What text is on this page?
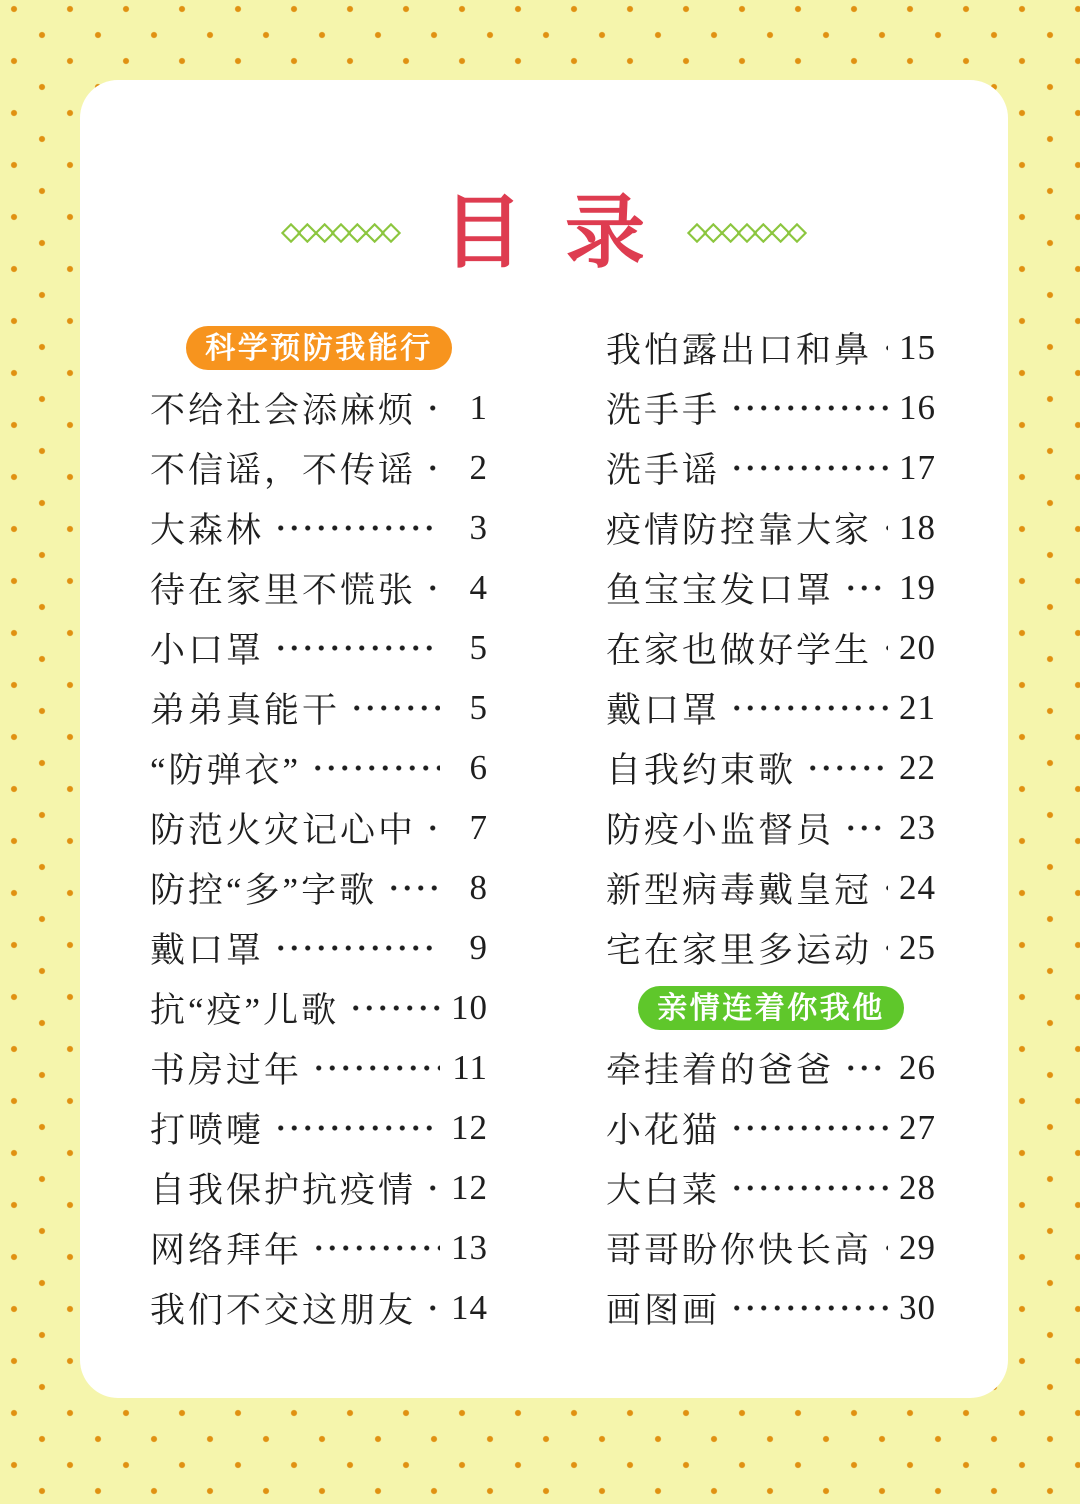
目录
科学预防我能行
不给社会添麻烦	1
不信谣，不传谣	2
大森林	3
待在家里不慌张	4
小口罩	5
弟弟真能干	5
“防弹衣”	6
防范火灾记心中	7
防控“多”字歌	8
戴口罩	9
抗“疫”儿歌	10
书房过年	11
打喷嚏	12
自我保护抗疫情 12
网络拜年	13
我们不交这朋友 14
我怕露出口和鼻 15
洗手手	16
洗手谣	17
疫情防控靠大家 18
鱼宝宝发口罩 19
在家也做好学生 20
戴口罩	21
自我约束歌	22
防疫小监督员 23
新型病毒戴皇冠 24
宅在家里多运动 25
亲情连着你我他
牵挂着的爸爸 26
小花猫	27
大白菜	28
哥哥盼你快长高 29
画图画	30
